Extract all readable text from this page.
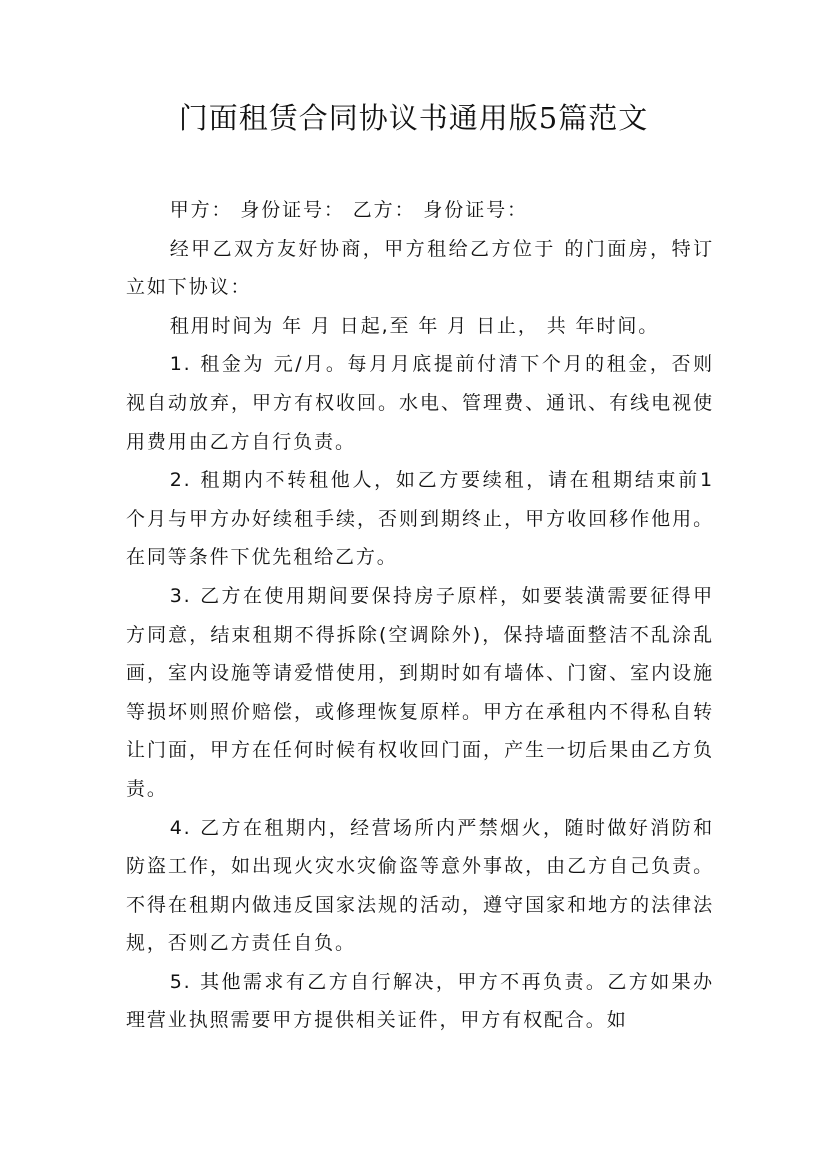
门面租赁合同协议书通用版5篇范文

甲方： 身份证号： 乙方： 身份证号：

经甲乙双方友好协商，甲方租给乙方位于 的门面房，特订立如下协议：

租用时间为 年 月 日起,至 年 月 日止， 共 年时间。

1. 租金为 元/月。每月月底提前付清下个月的租金，否则视自动放弃，甲方有权收回。水电、管理费、通讯、有线电视使用费用由乙方自行负责。

2. 租期内不转租他人，如乙方要续租，请在租期结束前1个月与甲方办好续租手续，否则到期终止，甲方收回移作他用。在同等条件下优先租给乙方。

3. 乙方在使用期间要保持房子原样，如要装潢需要征得甲方同意，结束租期不得拆除(空调除外)，保持墙面整洁不乱涂乱画，室内设施等请爱惜使用，到期时如有墙体、门窗、室内设施等损坏则照价赔偿，或修理恢复原样。甲方在承租内不得私自转让门面，甲方在任何时候有权收回门面，产生一切后果由乙方负责。

4. 乙方在租期内，经营场所内严禁烟火，随时做好消防和防盗工作，如出现火灾水灾偷盗等意外事故，由乙方自己负责。不得在租期内做违反国家法规的活动，遵守国家和地方的法律法规，否则乙方责任自负。

5. 其他需求有乙方自行解决，甲方不再负责。乙方如果办理营业执照需要甲方提供相关证件，甲方有权配合。如
